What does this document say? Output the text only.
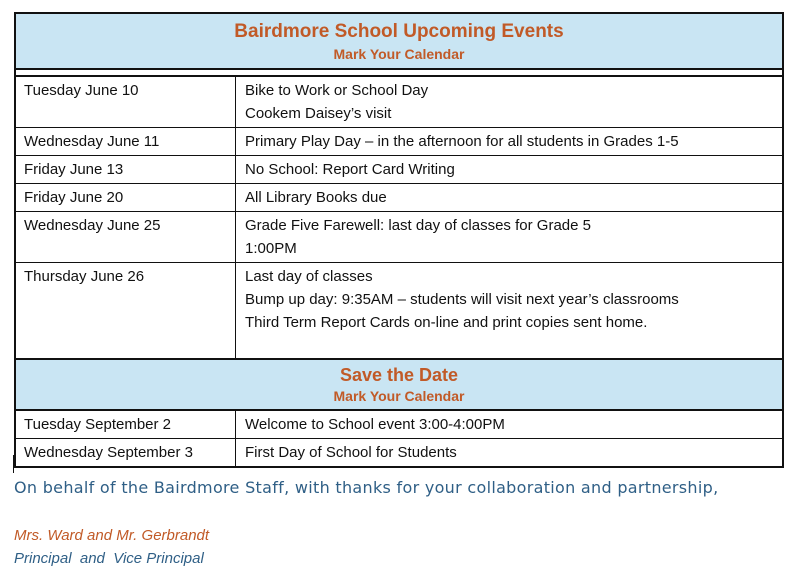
Bairdmore School Upcoming Events
Mark Your Calendar
Tuesday June 10	Bike to Work or School Day
Cookem Daisey’s visit
Wednesday June 11	Primary Play Day – in the afternoon for all students in Grades 1-5
Friday June 13	No School: Report Card Writing
Friday June 20	All Library Books due
Wednesday June 25	Grade Five Farewell: last day of classes for Grade 5
1:00PM
Thursday June 26	Last day of classes
Bump up day: 9:35AM – students will visit next year’s classrooms
Third Term Report Cards on-line and print copies sent home.
Save the Date
Mark Your Calendar
Tuesday September 2	Welcome to School event 3:00-4:00PM
Wednesday September 3	First Day of School for Students
On behalf of the Bairdmore Staff, with thanks for your collaboration and partnership,
Mrs. Ward and Mr. Gerbrandt
Principal  and  Vice Principal
